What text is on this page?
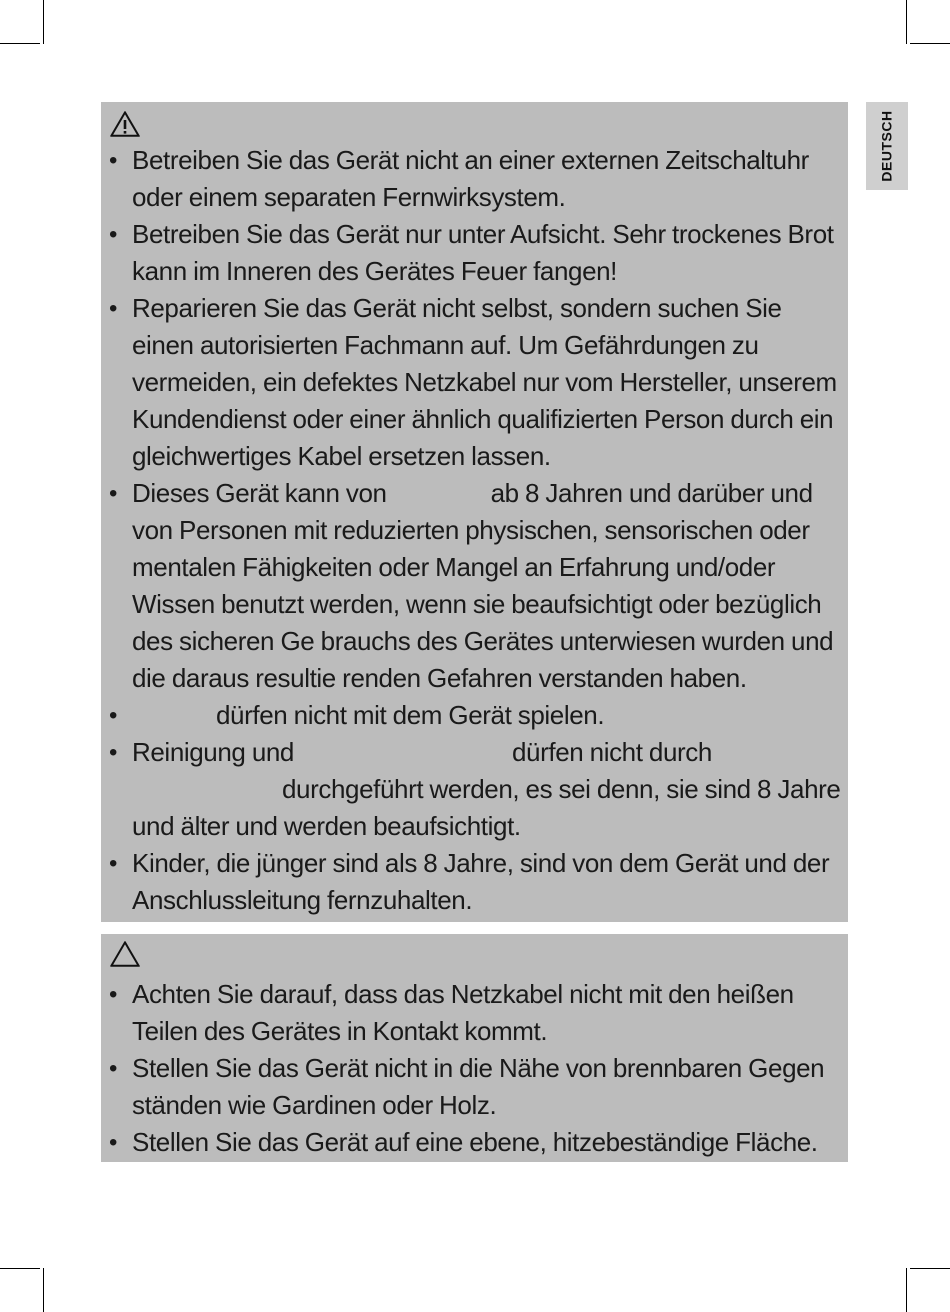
DEUTSCH
• Betreiben Sie das Gerät nicht an einer externen Zeitschaltuhr oder einem separaten Fernwirksystem.
• Betreiben Sie das Gerät nur unter Aufsicht. Sehr trockenes Brot kann im Inneren des Gerätes Feuer fangen!
• Reparieren Sie das Gerät nicht selbst, sondern suchen Sie einen autorisierten Fachmann auf. Um Gefährdungen zu vermeiden, ein defektes Netzkabel nur vom Hersteller, unserem Kundendienst oder einer ähnlich qualifizierten Person durch ein gleichwertiges Kabel ersetzen lassen.
• Dieses Gerät kann von	ab 8 Jahren und darüber und von Personen mit reduzierten physischen, sensorischen oder mentalen Fähigkeiten oder Mangel an Erfahrung und/oder Wissen benutzt werden, wenn sie beaufsichtigt oder bezüglich des sicheren Ge brauchs des Gerätes unterwiesen wurden und die daraus resultie renden Gefahren verstanden haben.
•	dürfen nicht mit dem Gerät spielen.
• Reinigung und	dürfen nicht durchdurchgeführt werden, es sei denn, sie sind 8 Jahre und älter und werden beaufsichtigt.
• Kinder, die jünger sind als 8 Jahre, sind von dem Gerät und der Anschlussleitung fernzuhalten.
• Achten Sie darauf, dass das Netzkabel nicht mit den heißen Teilen des Gerätes in Kontakt kommt.
• Stellen Sie das Gerät nicht in die Nähe von brennbaren Gegen ständen wie Gardinen oder Holz.
• Stellen Sie das Gerät auf eine ebene, hitzebeständige Fläche.
